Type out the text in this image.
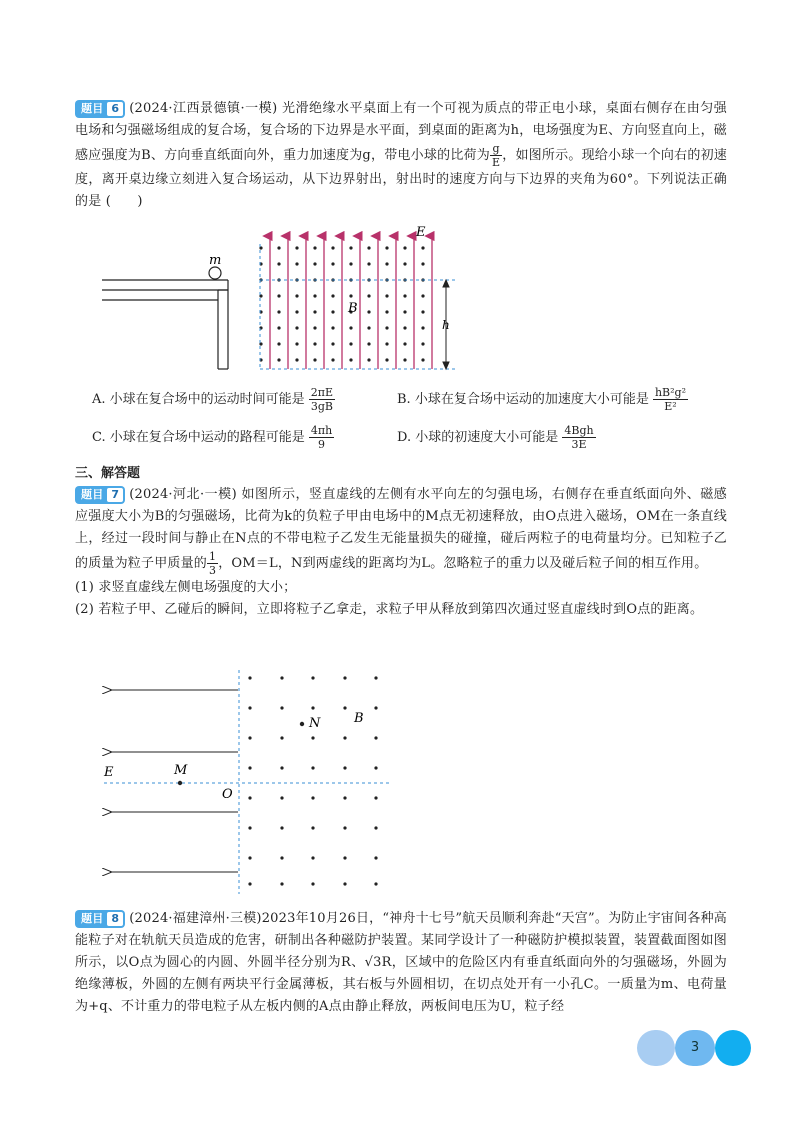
题目 6 (2024·江西景德镇·一模) 光滑绝缘水平桌面上有一个可视为质点的带正电小球，桌面右侧存在由匀强电场和匀强磁场组成的复合场，复合场的下边界是水平面，到桌面的距离为h，电场强度为E、方向竖直向上，磁感应强度为B、方向垂直纸面向外，重力加速度为g，带电小球的比荷为 $\frac{g}{E}$ ，如图所示。现给小球一个向右的初速度，离开桌边缘立刻进入复合场运动，从下边界射出，射出时的速度方向与下边界的夹角为60°。下列说法正确的是 (　　)
m
h
E
B
A. 小球在复合场中的运动时间可能是 $\frac{2\pi E}{3gB}$	B. 小球在复合场中运动的加速度大小可能是 $\frac{\text{hB²g²}}{\text{E²}}$
C. 小球在复合场中运动的路程可能是 $\frac{4\pi h}{9}$	D. 小球的初速度大小可能是 $\frac{\text{4Bgh}}{3E}$
三、解答题
题目 7 (2024·河北·一模) 如图所示，竖直虚线的左侧有水平向左的匀强电场，右侧存在垂直纸面向外、磁感应强度大小为B的匀强磁场，比荷为k的负粒子甲由电场中的M点无初速释放，由O点进入磁场，OM在一条直线上，经过一段时间与静止在N点的不带电粒子乙发生无能量损失的碰撞，碰后两粒子的电荷量均分。已知粒子乙的质量为粒子甲质量的 $\frac{1}{3}$ ，OM＝L，N到两虚线的距离均为L。忽略粒子的重力以及碰后粒子间的相互作用。
(1) 求竖直虚线左侧电场强度的大小；
(2) 若粒子甲、乙碰后的瞬间，立即将粒子乙拿走，求粒子甲从释放到第四次通过竖直虚线时到O点的距离。
N	B
M
E
O
题目 8 (2024·福建漳州·三模)2023年10月26日，“神舟十七号”航天员顺利奔赴“天宫”。为防止宇宙间各种高能粒子对在轨航天员造成的危害，研制出各种磁防护装置。某同学设计了一种磁防护模拟装置，装置截面图如图所示，以O点为圆心的内圆、外圆半径分别为R、√3R，区域中的危险区内有垂直纸面向外的匀强磁场，外圆为绝缘薄板，外圆的左侧有两块平行金属薄板，其右板与外圆相切，在切点处开有一小孔C。一质量为m、电荷量为+q、不计重力的带电粒子从左板内侧的A点由静止释放，两板间电压为U，粒子经
3
